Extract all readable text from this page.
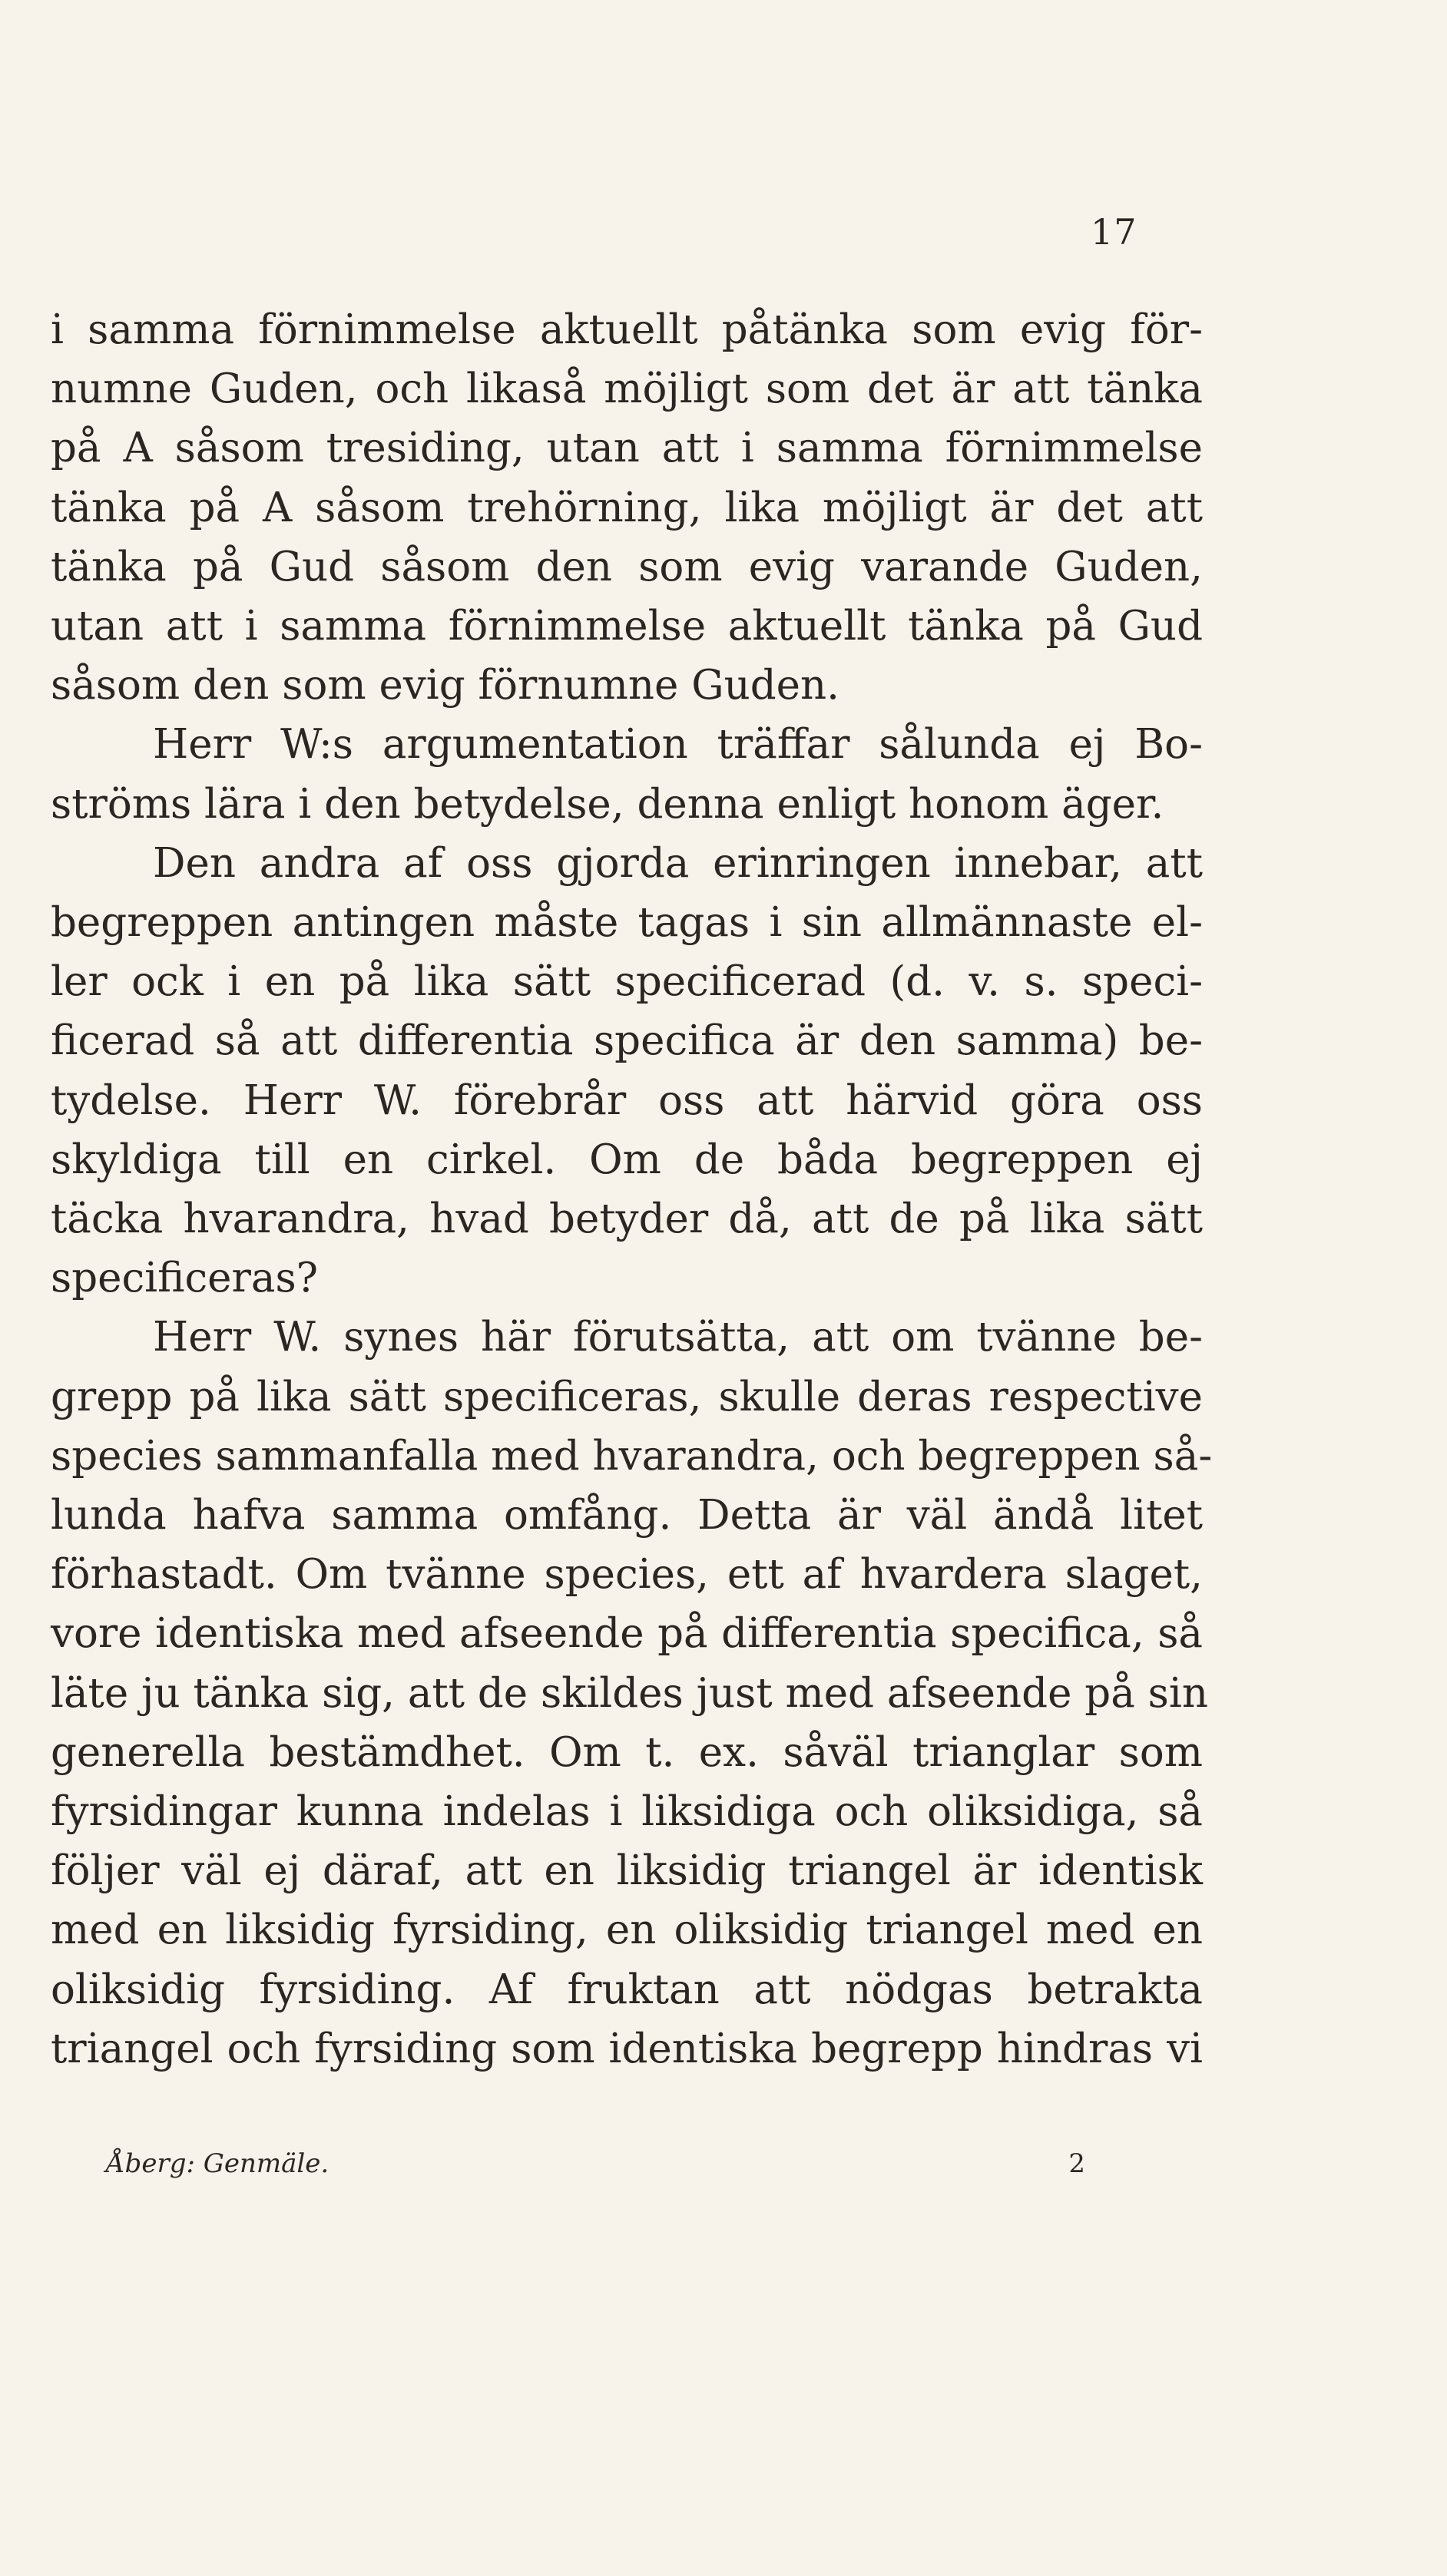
17
i samma förnimmelse aktuellt påtänka som evig för-
numne Guden, och likaså möjligt som det är att tänka
på A såsom tresiding, utan att i samma förnimmelse
tänka på A såsom trehörning, lika möjligt är det att
tänka på Gud såsom den som evig varande Guden,
utan att i samma förnimmelse aktuellt tänka på Gud
såsom den som evig förnumne Guden.
Herr W:s argumentation träffar sålunda ej Bo-
ströms lära i den betydelse, denna enligt honom äger.
Den andra af oss gjorda erinringen innebar, att
begreppen antingen måste tagas i sin allmännaste el-
ler ock i en på lika sätt specificerad (d. v. s. speci-
ficerad så att differentia specifica är den samma) be-
tydelse. Herr W. förebrår oss att härvid göra oss
skyldiga till en cirkel. Om de båda begreppen ej
täcka hvarandra, hvad betyder då, att de på lika sätt
specificeras?
Herr W. synes här förutsätta, att om tvänne be-
grepp på lika sätt specificeras, skulle deras respective
species sammanfalla med hvarandra, och begreppen så-
lunda hafva samma omfång. Detta är väl ändå litet
förhastadt. Om tvänne species, ett af hvardera slaget,
vore identiska med afseende på differentia specifica, så
läte ju tänka sig, att de skildes just med afseende på sin
generella bestämdhet. Om t. ex. såväl trianglar som
fyrsidingar kunna indelas i liksidiga och oliksidiga, så
följer väl ej däraf, att en liksidig triangel är identisk
med en liksidig fyrsiding, en oliksidig triangel med en
oliksidig fyrsiding. Af fruktan att nödgas betrakta
triangel och fyrsiding som identiska begrepp hindras vi
Åberg: Genmäle.	2
